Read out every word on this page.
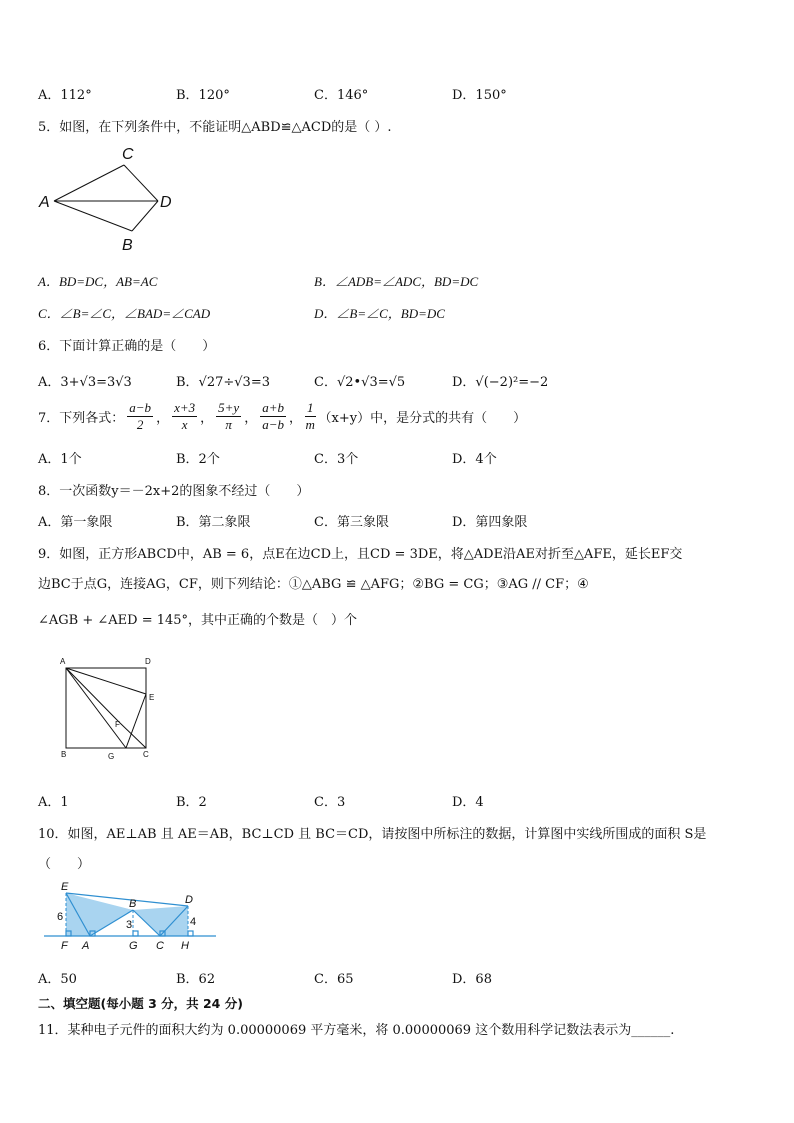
A．112°	B．120°	C．146°	D．150°
5．如图，在下列条件中，不能证明△ABD≌△ACD的是（ ）.
C
A	D
B
A．BD=DC，AB=AC	B．∠ADB=∠ADC，BD=DC
C．∠B=∠C，∠BAD=∠CAD	D．∠B=∠C，BD=DC
6．下面计算正确的是（　　）
A．3+√3=3√3	B．√27÷√3=3	C．√2•√3=√5	D．√(−2)²=−2
7．下列各式： $\frac{a-b}{2}$ ， $\frac{x+3}{x}$ ， $\frac{5+y}{\pi}$ ， $\frac{a+b}{a-b}$ ， $\frac{1}{m} (x+y)$中，是分式的共有（　　）
A．1个	B．2个	C．3个	D．4个
8．一次函数y＝－2x+2的图象不经过（　　）
A．第一象限	B．第二象限	C．第三象限	D．第四象限
9．如图，正方形ABCD中，AB = 6，点E在边CD上，且CD = 3DE，将△ADE沿AE对折至△AFE，延长EF交
边BC于点G，连接AG，CF，则下列结论：①△ABG ≌ △AFG；②BG = CG；③AG // CF；④
∠AGB + ∠AED = 145°，其中正确的个数是（　）个
A	D
E
F
B	G	C
A．1	B．2	C．3	D．4
10．如图，AE⊥AB 且 AE＝AB，BC⊥CD 且 BC＝CD，请按图中所标注的数据，计算图中实线所围成的面积 S是
（　　）
E
B	D
F A	G C H
6
3	4
A．50	B．62	C．65	D．68
二、填空题(每小题 3 分，共 24 分)
11．某种电子元件的面积大约为 0.00000069 平方毫米，将 0.00000069 这个数用科学记数法表示为______.
